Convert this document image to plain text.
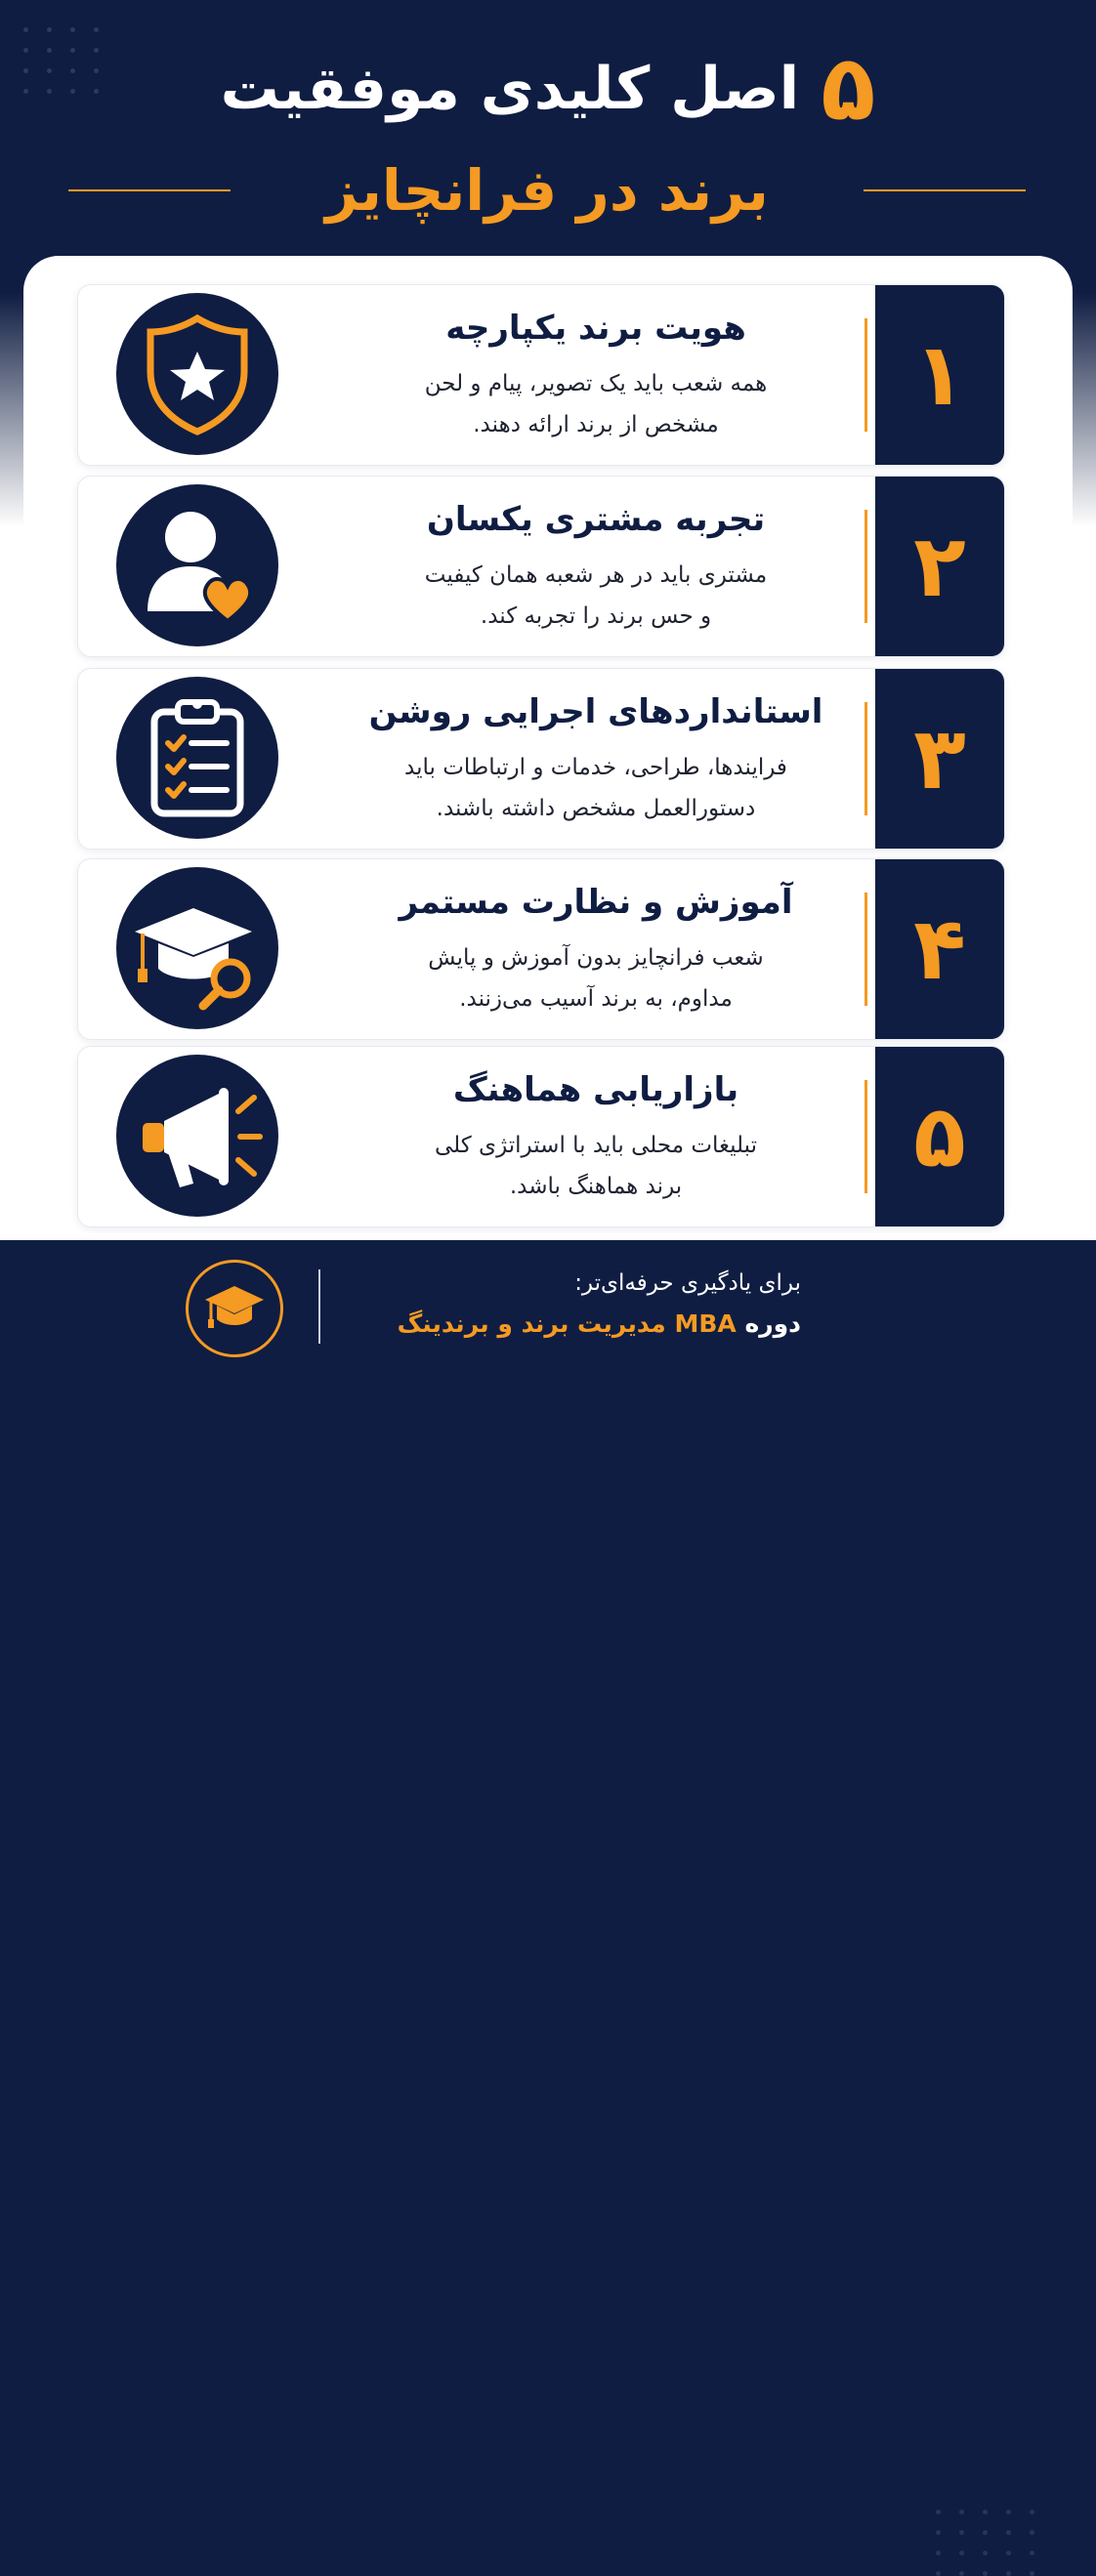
۵
اصل کلیدی موفقیت
برند در فرانچایز
۱
هویت برند یکپارچه

همه شعب باید یک تصویر، پیام و لحن
مشخص از برند ارائه دهند.

۲
تجربه مشتری یکسان

مشتری باید در هر شعبه همان کیفیت
و حس برند را تجربه کند.

۳
استانداردهای اجرایی روشن

فرایندها، طراحی، خدمات و ارتباطات باید
دستورالعمل مشخص داشته باشند.

۴
آموزش و نظارت مستمر

شعب فرانچایز بدون آموزش و پایش
مداوم، به برند آسیب می‌زنند.

۵
بازاریابی هماهنگ

تبلیغات محلی باید با استراتژی کلی
برند هماهنگ باشد.

برای یادگیری حرفه‌ای‌تر:
دوره MBA مدیریت برند و برندینگ
